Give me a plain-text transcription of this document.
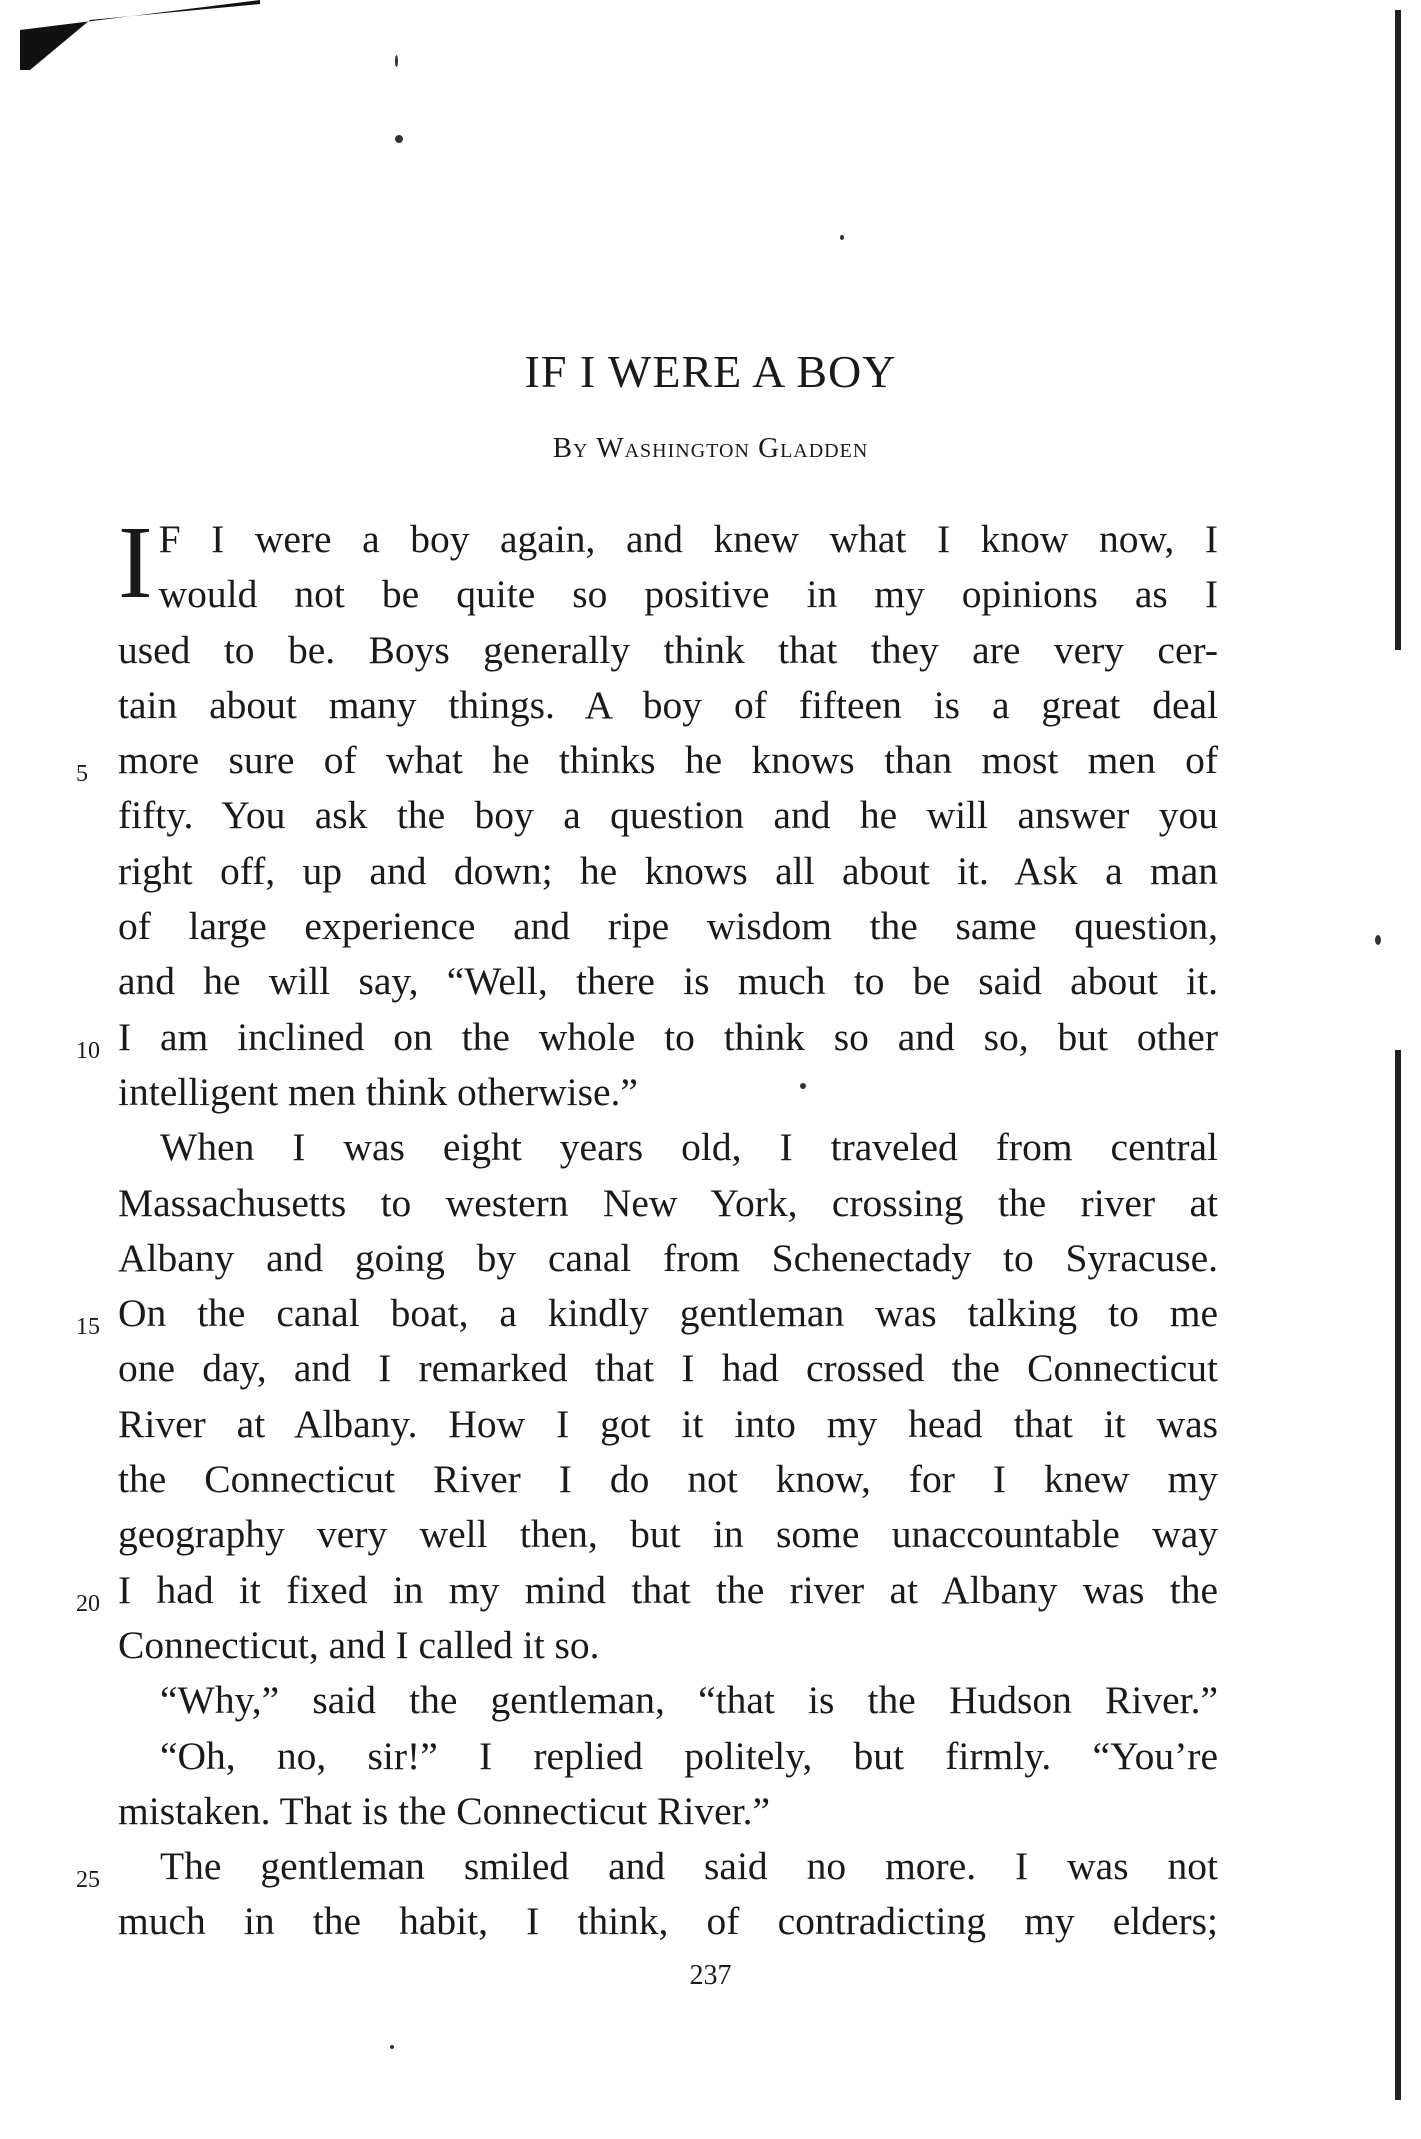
IF I WERE A BOY
By Washington Gladden
I F I were a boy again, and knew what I know now, I
would not be quite so positive in my opinions as I
used to be. Boys generally think that they are very cer-
tain about many things. A boy of fifteen is a great deal
5 more sure of what he thinks he knows than most men of
fifty. You ask the boy a question and he will answer you
right off, up and down; he knows all about it. Ask a man
of large experience and ripe wisdom the same question,
and he will say, “Well, there is much to be said about it.
10 I am inclined on the whole to think so and so, but other
intelligent men think otherwise.”
When I was eight years old, I traveled from central
Massachusetts to western New York, crossing the river at
Albany and going by canal from Schenectady to Syracuse.
15 On the canal boat, a kindly gentleman was talking to me
one day, and I remarked that I had crossed the Connecticut
River at Albany. How I got it into my head that it was
the Connecticut River I do not know, for I knew my
geography very well then, but in some unaccountable way
20 I had it fixed in my mind that the river at Albany was the
Connecticut, and I called it so.
“Why,” said the gentleman, “that is the Hudson River.”
“Oh, no, sir!” I replied politely, but firmly. “You’re
mistaken. That is the Connecticut River.”
25 The gentleman smiled and said no more. I was not
much in the habit, I think, of contradicting my elders;
237
